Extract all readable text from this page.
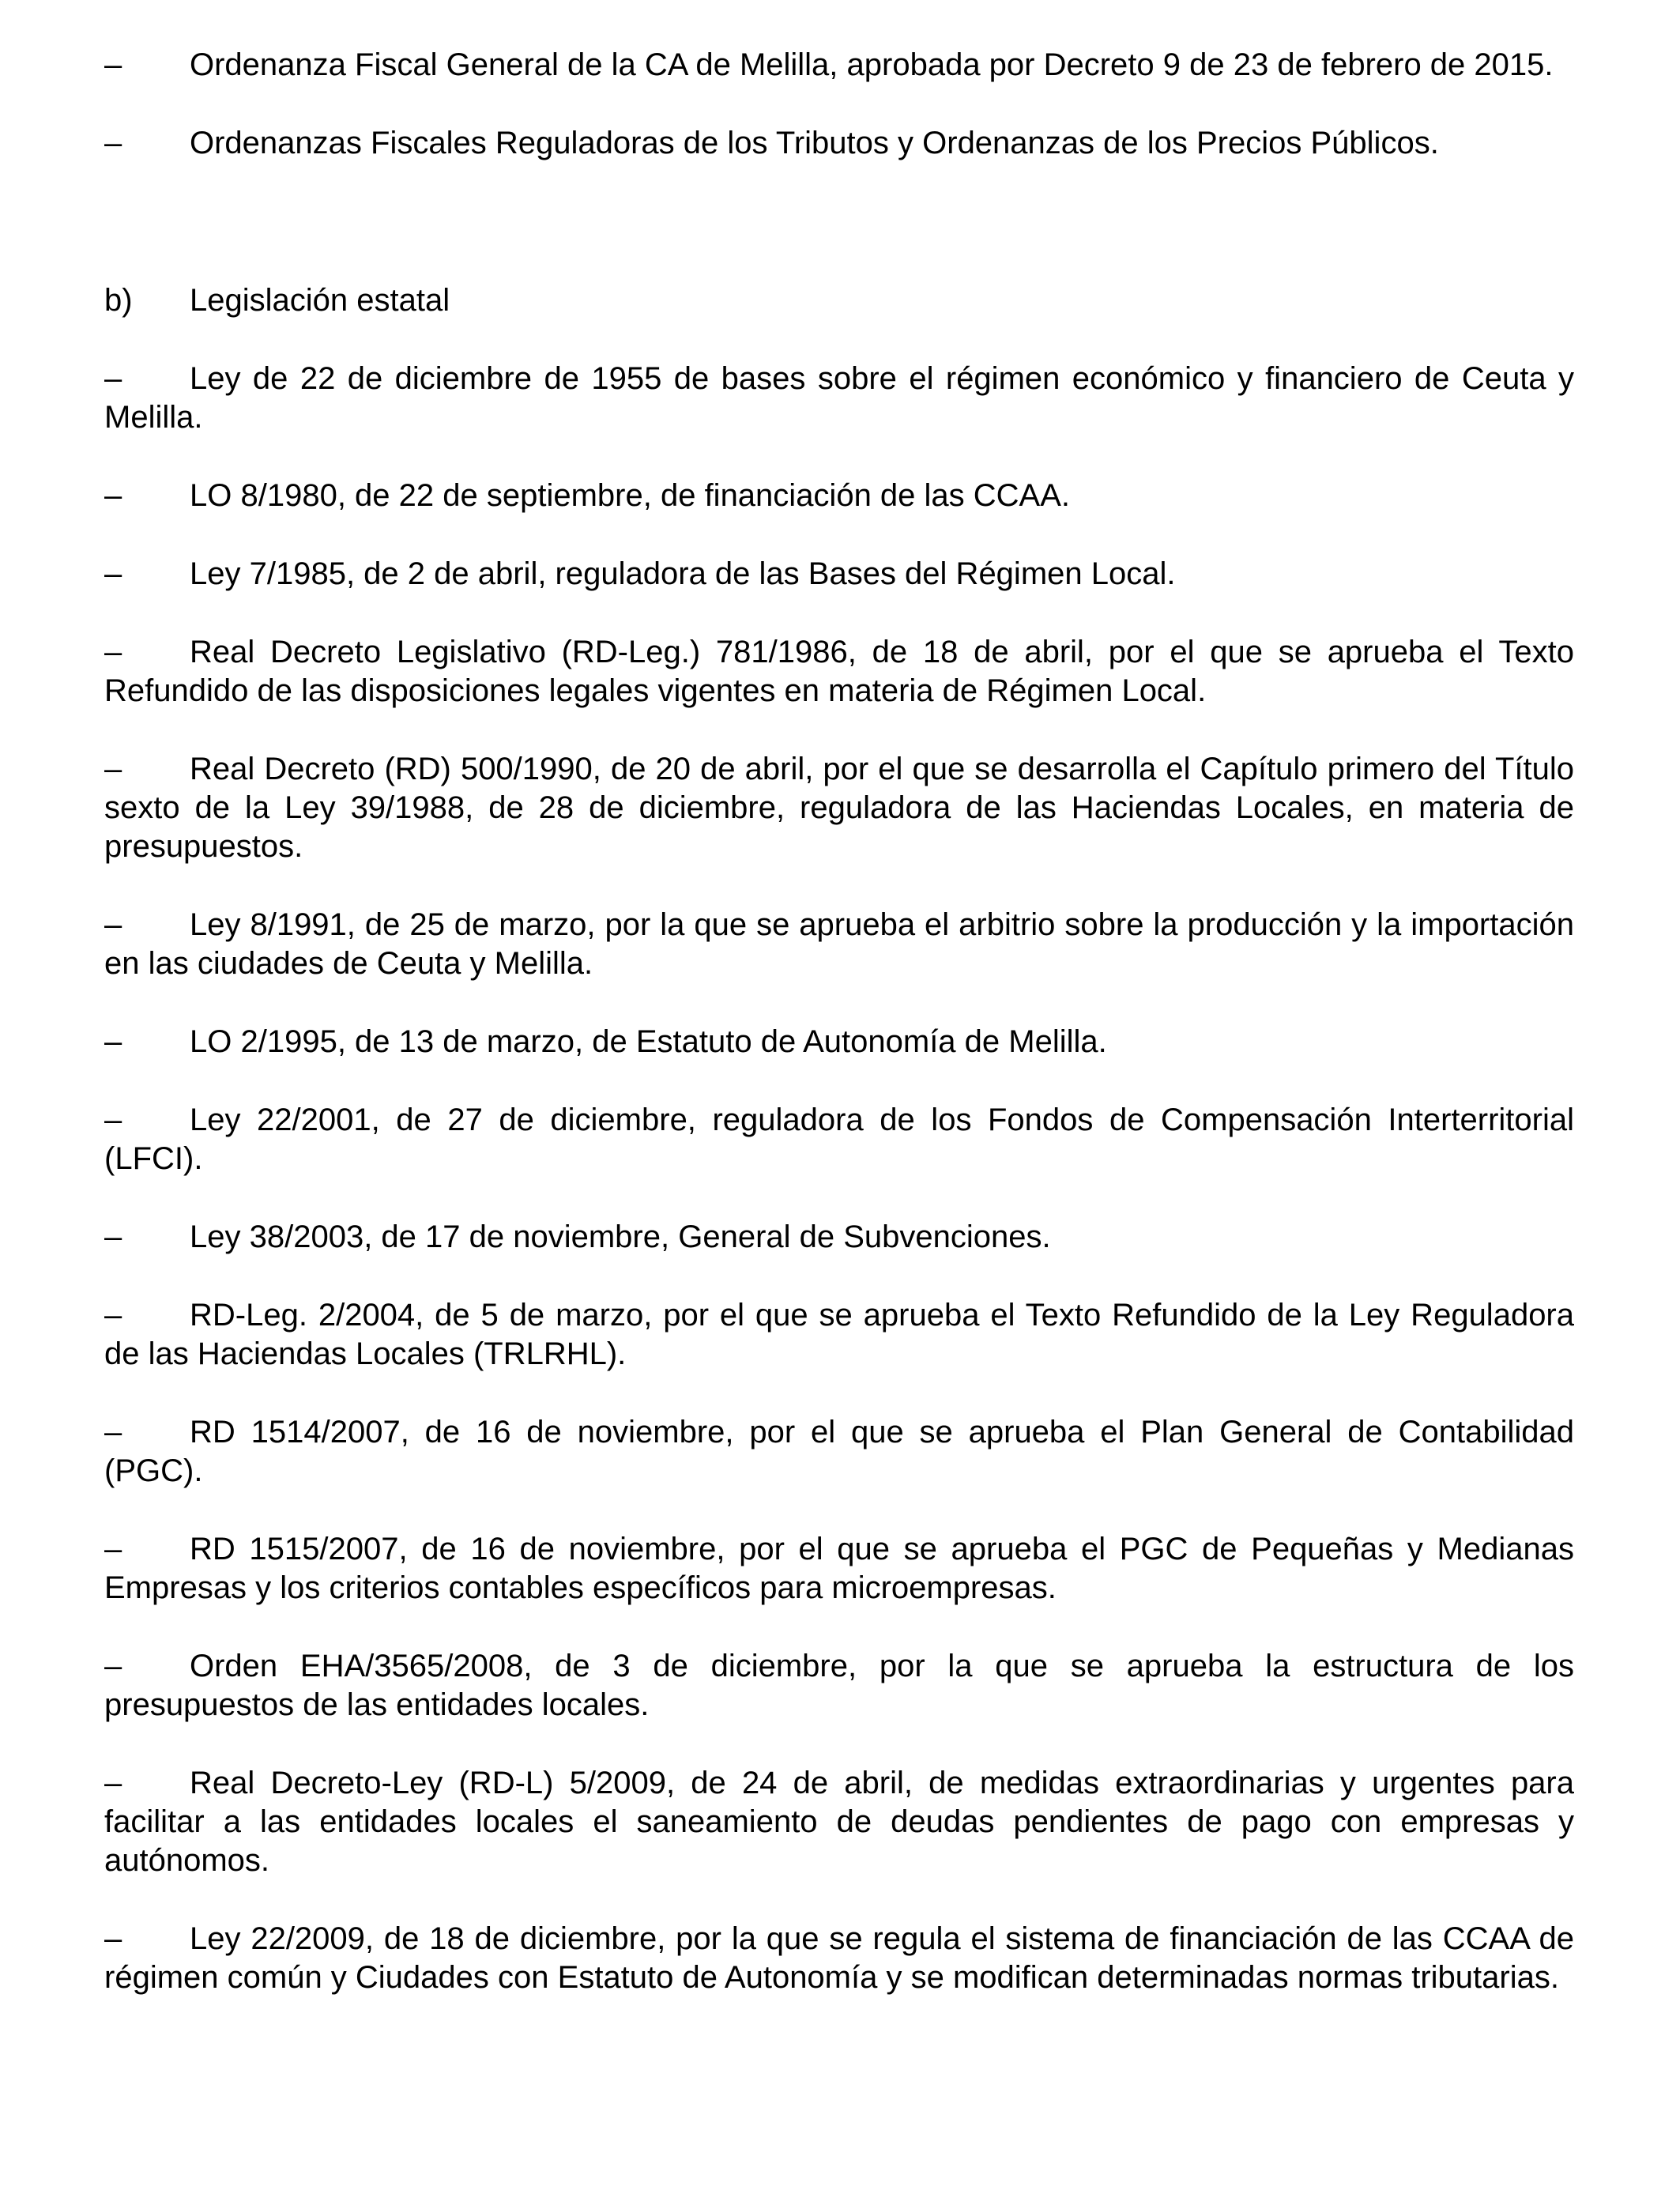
– Ordenanza Fiscal General de la CA de Melilla, aprobada por Decreto 9 de 23 de febrero de 2015.

– Ordenanzas Fiscales Reguladoras de los Tributos y Ordenanzas de los Precios Públicos.

b) Legislación estatal

– Ley de 22 de diciembre de 1955 de bases sobre el régimen económico y financiero de Ceuta y Melilla.

– LO 8/1980, de 22 de septiembre, de financiación de las CCAA.

– Ley 7/1985, de 2 de abril, reguladora de las Bases del Régimen Local.

– Real Decreto Legislativo (RD-Leg.) 781/1986, de 18 de abril, por el que se aprueba el Texto Refundido de las disposiciones legales vigentes en materia de Régimen Local.

– Real Decreto (RD) 500/1990, de 20 de abril, por el que se desarrolla el Capítulo primero del Título sexto de la Ley 39/1988, de 28 de diciembre, reguladora de las Haciendas Locales, en materia de presupuestos.

– Ley 8/1991, de 25 de marzo, por la que se aprueba el arbitrio sobre la producción y la importación en las ciudades de Ceuta y Melilla.

– LO 2/1995, de 13 de marzo, de Estatuto de Autonomía de Melilla.

– Ley 22/2001, de 27 de diciembre, reguladora de los Fondos de Compensación Interterritorial (LFCI).

– Ley 38/2003, de 17 de noviembre, General de Subvenciones.

– RD-Leg. 2/2004, de 5 de marzo, por el que se aprueba el Texto Refundido de la Ley Reguladora de las Haciendas Locales (TRLRHL).

– RD 1514/2007, de 16 de noviembre, por el que se aprueba el Plan General de Contabilidad (PGC).

– RD 1515/2007, de 16 de noviembre, por el que se aprueba el PGC de Pequeñas y Medianas Empresas y los criterios contables específicos para microempresas.

– Orden EHA/3565/2008, de 3 de diciembre, por la que se aprueba la estructura de los presupuestos de las entidades locales.

– Real Decreto-Ley (RD-L) 5/2009, de 24 de abril, de medidas extraordinarias y urgentes para facilitar a las entidades locales el saneamiento de deudas pendientes de pago con empresas y autónomos.

– Ley 22/2009, de 18 de diciembre, por la que se regula el sistema de financiación de las CCAA de régimen común y Ciudades con Estatuto de Autonomía y se modifican determinadas normas tributarias.
